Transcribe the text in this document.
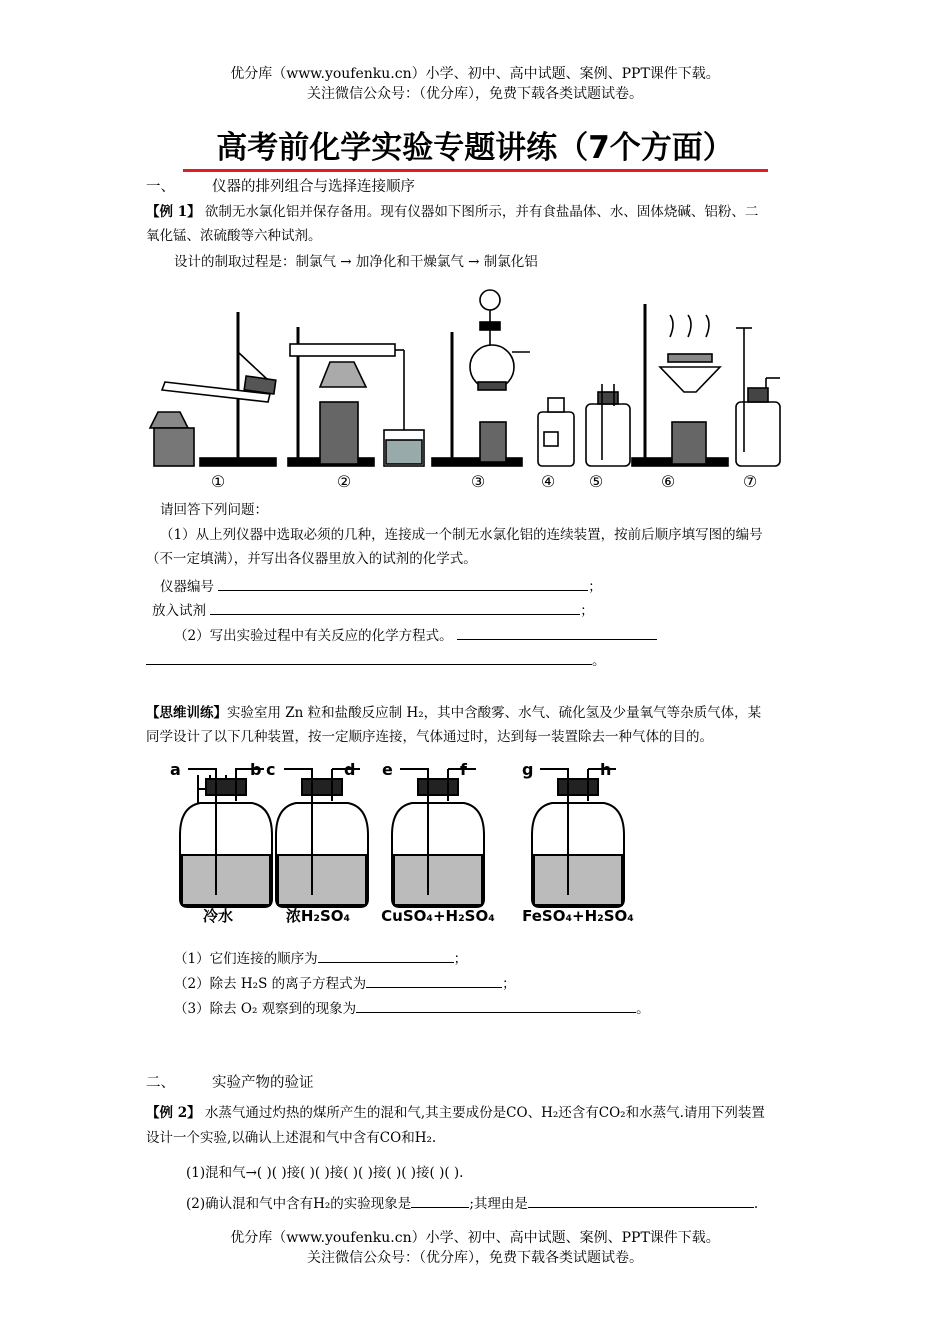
优分库（www.youfenku.cn）小学、初中、高中试题、案例、PPT课件下载。
关注微信公众号：（优分库），免费下载各类试题试卷。
高考前化学实验专题讲练（7个方面）
一、	仪器的排列组合与选择连接顺序
【例 1】 欲制无水氯化铝并保存备用。现有仪器如下图所示，并有食盐晶体、水、固体烧碱、铝粉、二
氧化锰、浓硫酸等六种试剂。
设计的制取过程是：制氯气 → 加净化和干燥氯气 → 制氯化铝
①	②	③	④ ⑤	⑥	⑦
请回答下列问题：
（1）从上列仪器中选取必须的几种，连接成一个制无水氯化铝的连续装置，按前后顺序填写图的编号
（不一定填满），并写出各仪器里放入的试剂的化学式。
仪器编号	；
放入试剂	；
（2）写出实验过程中有关反应的化学方程式。
。
【思维训练】实验室用 Zn 粒和盐酸反应制 H₂，其中含酸雾、水气、硫化氢及少量氧气等杂质气体，某
同学设计了以下几种装置，按一定顺序连接，气体通过时，达到每一装置除去一种气体的目的。
a	b c	d e	f	g	h
冷水	浓H₂SO₄ CuSO₄+H₂SO₄ FeSO₄+H₂SO₄
（1）它们连接的顺序为	；
（2）除去 H₂S 的离子方程式为	；
（3）除去 O₂ 观察到的现象为	。
二、	实验产物的验证
【例 2】 水蒸气通过灼热的煤所产生的混和气,其主要成份是CO、H₂还含有CO₂和水蒸气.请用下列装置
设计一个实验,以确认上述混和气中含有CO和H₂.
(1)混和气→( )( )接( )( )接( )( )接( )( )接( )( ).
(2)确认混和气中含有H₂的实验现象是	;其理由是	.
优分库（www.youfenku.cn）小学、初中、高中试题、案例、PPT课件下载。
关注微信公众号：（优分库），免费下载各类试题试卷。
